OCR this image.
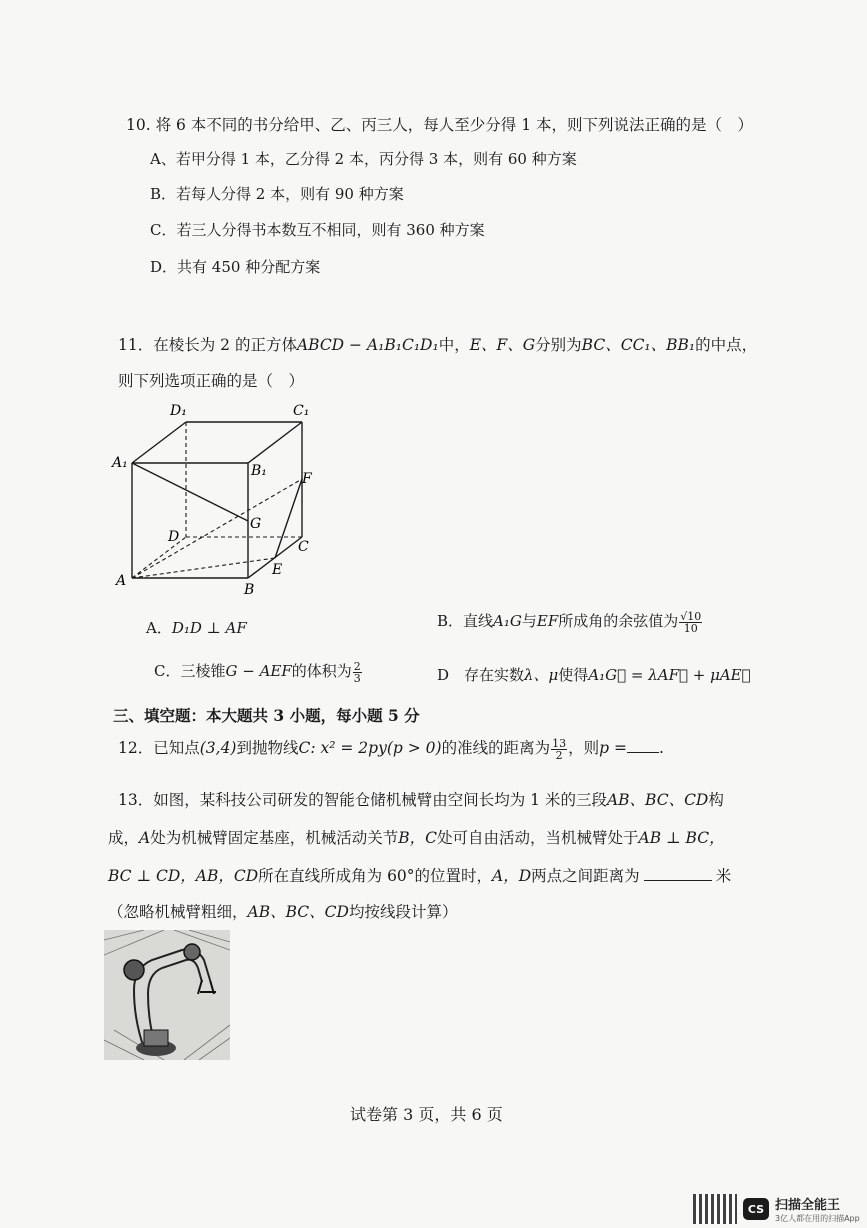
10. 将 6 本不同的书分给甲、乙、丙三人，每人至少分得 1 本，则下列说法正确的是（　）
A、若甲分得 1 本，乙分得 2 本，丙分得 3 本，则有 60 种方案
B．若每人分得 2 本，则有 90 种方案
C．若三人分得书本数互不相同，则有 360 种方案
D．共有 450 种分配方案
11．在棱长为 2 的正方体ABCD − A₁B₁C₁D₁中，E、F、G分别为BC、CC₁、BB₁的中点，
则下列选项正确的是（　）
D₁	C₁
A₁	B₁	F
G
D
C
E
A
B
A．D₁D ⊥ AF	B．直线A₁G与EF所成角的余弦值为 $\frac{√10}{10}$
C．三棱锥G − AEF的体积为 $\frac{2}{3}$	D　存在实数λ、μ使得A₁G⃗ = λAF⃗ + μAE⃗
三、填空题：本大题共 3 小题，每小题 5 分
12．已知点(3,4)到抛物线C: x² = 2py(p > 0)的准线的距离为 $\frac{13}{2}$ ，则p = .
13．如图，某科技公司研发的智能仓储机械臂由空间长均为 1 米的三段AB、BC、CD构
成，A处为机械臂固定基座，机械活动关节B，C处可自由活动，当机械臂处于AB ⊥ BC，
BC ⊥ CD，AB，CD所在直线所成角为 60°的位置时，A，D两点之间距离为	米
（忽略机械臂粗细，AB、BC、CD均按线段计算）
试卷第 3 页，共 6 页
CS 扫描全能王
3亿人都在用的扫描App
